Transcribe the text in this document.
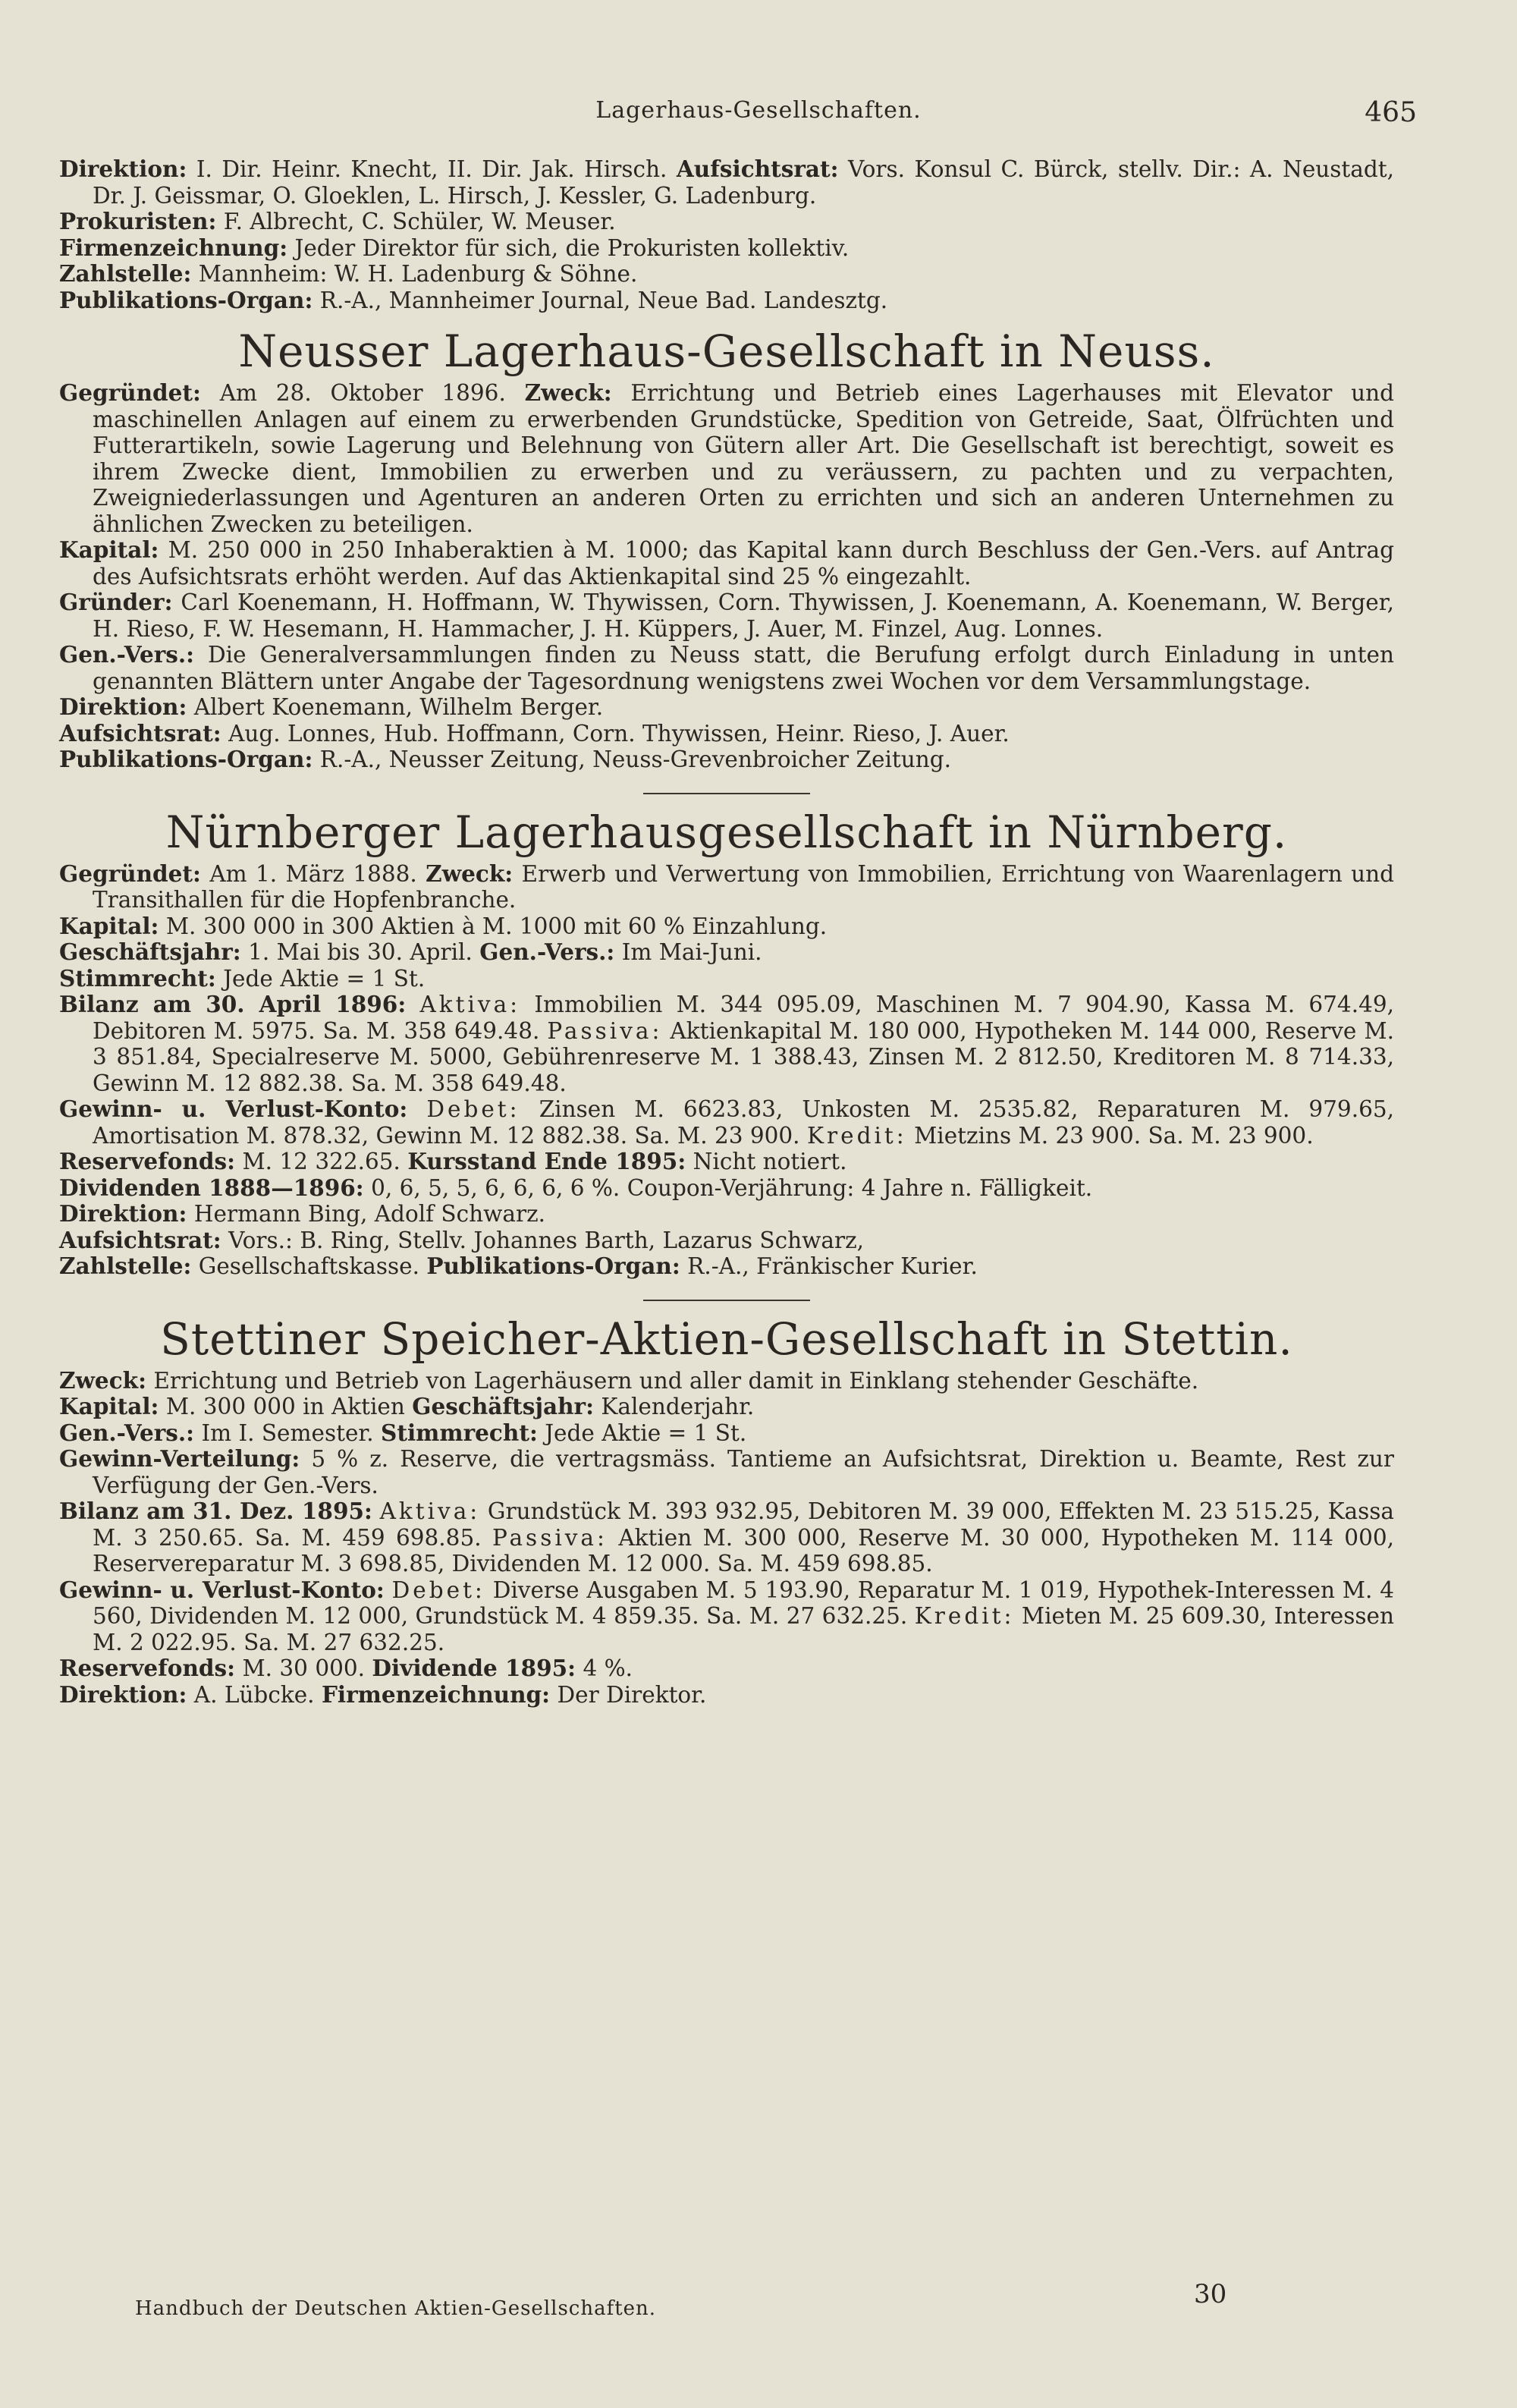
Lagerhaus-Gesellschaften.	465

Direktion: I. Dir. Heinr. Knecht, II. Dir. Jak. Hirsch. Aufsichtsrat: Vors. Konsul C. Bürck, stellv. Dir.: A. Neustadt, Dr. J. Geissmar, O. Gloeklen, L. Hirsch, J. Kessler, G. Ladenburg.

Prokuristen: F. Albrecht, C. Schüler, W. Meuser.

Firmenzeichnung: Jeder Direktor für sich, die Prokuristen kollektiv.

Zahlstelle: Mannheim: W. H. Ladenburg & Söhne.

Publikations-Organ: R.-A., Mannheimer Journal, Neue Bad. Landesztg.

Neusser Lagerhaus-Gesellschaft in Neuss.

Gegründet: Am 28. Oktober 1896. Zweck: Errichtung und Betrieb eines Lagerhauses mit Elevator und maschinellen Anlagen auf einem zu erwerbenden Grundstücke, Spedition von Getreide, Saat, Ölfrüchten und Futterartikeln, sowie Lagerung und Belehnung von Gütern aller Art. Die Gesellschaft ist berechtigt, soweit es ihrem Zwecke dient, Immobilien zu erwerben und zu veräussern, zu pachten und zu verpachten, Zweigniederlassungen und Agenturen an anderen Orten zu errichten und sich an anderen Unternehmen zu ähnlichen Zwecken zu beteiligen.

Kapital: M. 250 000 in 250 Inhaberaktien à M. 1000; das Kapital kann durch Beschluss der Gen.-Vers. auf Antrag des Aufsichtsrats erhöht werden. Auf das Aktienkapital sind 25 % eingezahlt.

Gründer: Carl Koenemann, H. Hoffmann, W. Thywissen, Corn. Thywissen, J. Koenemann, A. Koenemann, W. Berger, H. Rieso, F. W. Hesemann, H. Hammacher, J. H. Küppers, J. Auer, M. Finzel, Aug. Lonnes.

Gen.-Vers.: Die Generalversammlungen finden zu Neuss statt, die Berufung erfolgt durch Einladung in unten genannten Blättern unter Angabe der Tagesordnung wenigstens zwei Wochen vor dem Versammlungstage.

Direktion: Albert Koenemann, Wilhelm Berger.

Aufsichtsrat: Aug. Lonnes, Hub. Hoffmann, Corn. Thywissen, Heinr. Rieso, J. Auer.

Publikations-Organ: R.-A., Neusser Zeitung, Neuss-Grevenbroicher Zeitung.

Nürnberger Lagerhausgesellschaft in Nürnberg.

Gegründet: Am 1. März 1888. Zweck: Erwerb und Verwertung von Immobilien, Errichtung von Waarenlagern und Transithallen für die Hopfenbranche.

Kapital: M. 300 000 in 300 Aktien à M. 1000 mit 60 % Einzahlung.

Geschäftsjahr: 1. Mai bis 30. April. Gen.-Vers.: Im Mai-Juni.

Stimmrecht: Jede Aktie = 1 St.

Bilanz am 30. April 1896: Aktiva: Immobilien M. 344 095.09, Maschinen M. 7 904.90, Kassa M. 674.49, Debitoren M. 5975. Sa. M. 358 649.48. Passiva: Aktienkapital M. 180 000, Hypotheken M. 144 000, Reserve M. 3 851.84, Specialreserve M. 5000, Gebührenreserve M. 1 388.43, Zinsen M. 2 812.50, Kreditoren M. 8 714.33, Gewinn M. 12 882.38. Sa. M. 358 649.48.

Gewinn- u. Verlust-Konto: Debet: Zinsen M. 6623.83, Unkosten M. 2535.82, Reparaturen M. 979.65, Amortisation M. 878.32, Gewinn M. 12 882.38. Sa. M. 23 900. Kredit: Mietzins M. 23 900. Sa. M. 23 900.

Reservefonds: M. 12 322.65. Kursstand Ende 1895: Nicht notiert.

Dividenden 1888—1896: 0, 6, 5, 5, 6, 6, 6, 6 %. Coupon-Verjährung: 4 Jahre n. Fälligkeit.

Direktion: Hermann Bing, Adolf Schwarz.

Aufsichtsrat: Vors.: B. Ring, Stellv. Johannes Barth, Lazarus Schwarz,

Zahlstelle: Gesellschaftskasse. Publikations-Organ: R.-A., Fränkischer Kurier.

Stettiner Speicher-Aktien-Gesellschaft in Stettin.

Zweck: Errichtung und Betrieb von Lagerhäusern und aller damit in Einklang stehender Geschäfte.

Kapital: M. 300 000 in Aktien Geschäftsjahr: Kalenderjahr.

Gen.-Vers.: Im I. Semester. Stimmrecht: Jede Aktie = 1 St.

Gewinn-Verteilung: 5 % z. Reserve, die vertragsmäss. Tantieme an Aufsichtsrat, Direktion u. Beamte, Rest zur Verfügung der Gen.-Vers.

Bilanz am 31. Dez. 1895: Aktiva: Grundstück M. 393 932.95, Debitoren M. 39 000, Effekten M. 23 515.25, Kassa M. 3 250.65. Sa. M. 459 698.85. Passiva: Aktien M. 300 000, Reserve M. 30 000, Hypotheken M. 114 000, Reservereparatur M. 3 698.85, Dividenden M. 12 000. Sa. M. 459 698.85.

Gewinn- u. Verlust-Konto: Debet: Diverse Ausgaben M. 5 193.90, Reparatur M. 1 019, Hypothek-Interessen M. 4 560, Dividenden M. 12 000, Grundstück M. 4 859.35. Sa. M. 27 632.25. Kredit: Mieten M. 25 609.30, Interessen M. 2 022.95. Sa. M. 27 632.25.

Reservefonds: M. 30 000. Dividende 1895: 4 %.

Direktion: A. Lübcke. Firmenzeichnung: Der Direktor.

Handbuch der Deutschen Aktien-Gesellschaften.	30
